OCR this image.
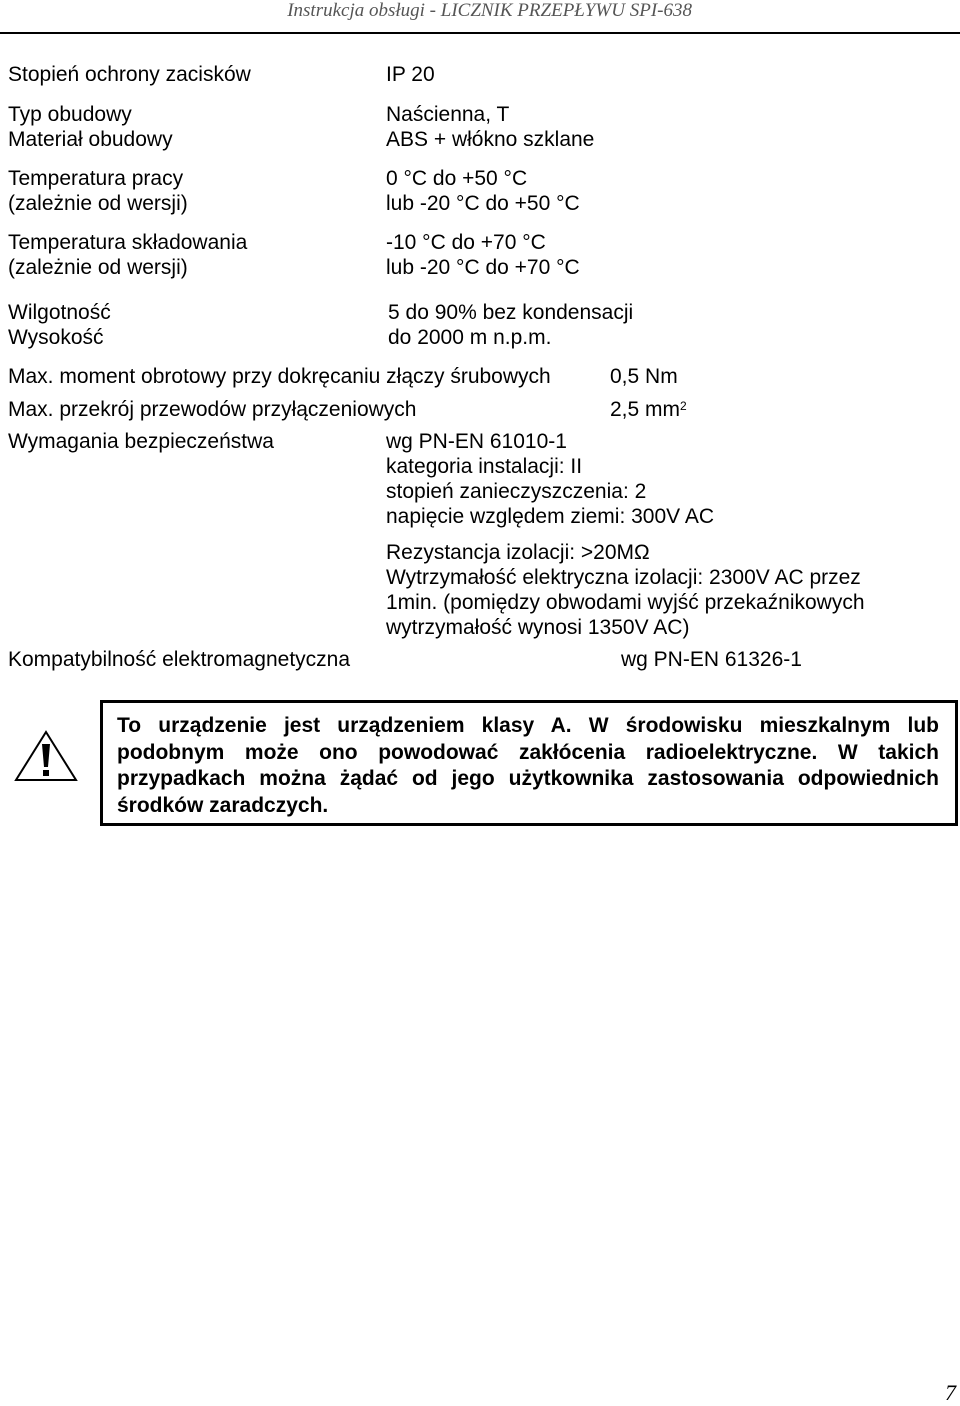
Instrukcja obsługi - LICZNIK PRZEPŁYWU SPI-638
Stopień ochrony zacisków	IP 20
Typ obudowy	Naścienna, T
Materiał obudowy	ABS + włókno szklane
Temperatura pracy	0 °C do +50 °C
(zależnie od wersji)	lub -20 °C do +50 °C
Temperatura składowania	-10 °C do +70 °C
(zależnie od wersji)	lub -20 °C do +70 °C
Wilgotność	5 do 90% bez kondensacji
Wysokość	do 2000 m n.p.m.
Max. moment obrotowy przy dokręcaniu złączy śrubowych	0,5 Nm
Max. przekrój przewodów przyłączeniowych	2,5 $mm^2$
Wymagania bezpieczeństwa	wg PN-EN 61010-1
kategoria instalacji: II
stopień zanieczyszczenia: 2
napięcie względem ziemi: 300V AC
Rezystancja izolacji: >20MΩ
Wytrzymałość elektryczna izolacji: 2300V AC przez
1min. (pomiędzy obwodami wyjść przekaźnikowych
wytrzymałość wynosi 1350V AC)
Kompatybilność elektromagnetyczna	wg PN-EN 61326-1
To urządzenie jest urządzeniem klasy A. W środowisku mieszkalnym lub podobnym może ono powodować zakłócenia radioelektryczne. W takich przypadkach można żądać od jego użytkownika zastosowania odpowiednich środków zaradczych.
7
